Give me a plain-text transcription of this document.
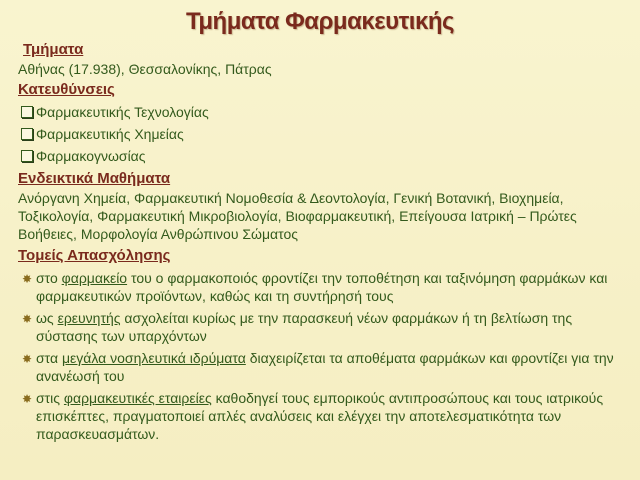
Τμήματα Φαρμακευτικής
Τμήματα
Αθήνας (17.938), Θεσσαλονίκης, Πάτρας
Κατευθύνσεις
Φαρμακευτικής Τεχνολογίας
Φαρμακευτικής Χημείας
Φαρμακογνωσίας
Ενδεικτικά Μαθήματα
Ανόργανη Χημεία, Φαρμακευτική Νομοθεσία & Δεοντολογία, Γενική Βοτανική, Βιοχημεία, Τοξικολογία, Φαρμακευτική Μικροβιολογία, Βιοφαρμακευτική, Επείγουσα Ιατρική – Πρώτες Βοήθειες, Μορφολογία Ανθρώπινου Σώματος
Τομείς Απασχόλησης
✸ στο φαρμακείο του ο φαρμακοποιός φροντίζει την τοποθέτηση και ταξινόμηση φαρμάκων και φαρμακευτικών προϊόντων, καθώς και τη συντήρησή τους
✸ ως ερευνητής ασχολείται κυρίως με την παρασκευή νέων φαρμάκων ή τη βελτίωση της σύστασης των υπαρχόντων
✸ στα μεγάλα νοσηλευτικά ιδρύματα διαχειρίζεται τα αποθέματα φαρμάκων και φροντίζει για την ανανέωσή του
✸ στις φαρμακευτικές εταιρείες καθοδηγεί τους εμπορικούς αντιπροσώπους και τους ιατρικούς επισκέπτες, πραγματοποιεί απλές αναλύσεις και ελέγχει την αποτελεσματικότητα των παρασκευασμάτων.
